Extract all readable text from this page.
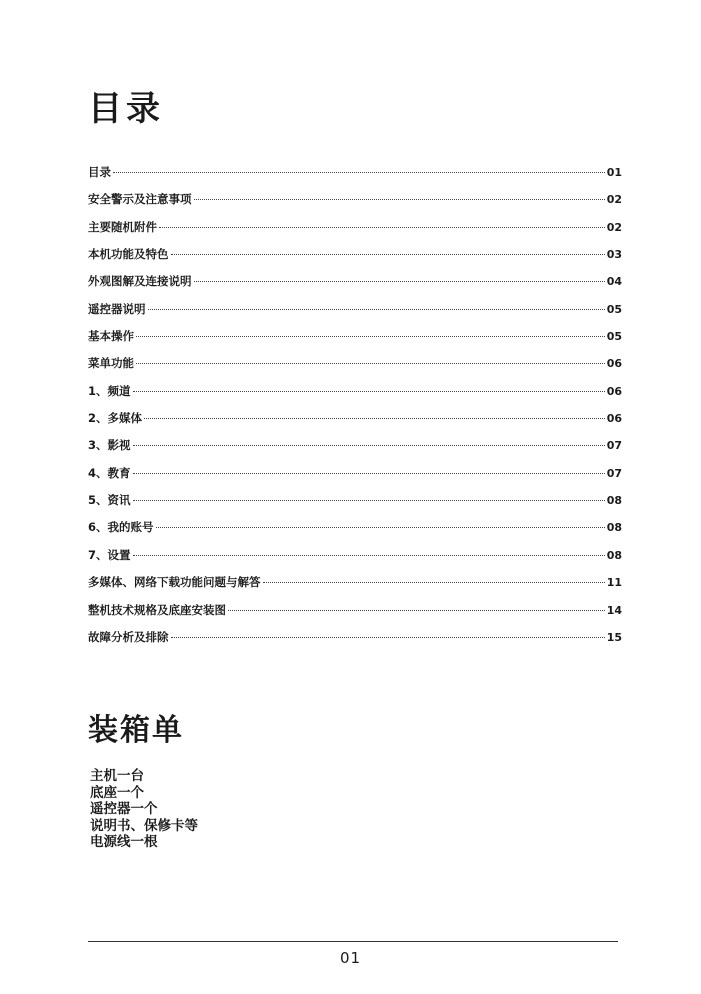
目录
目录	01
安全警示及注意事项	02
主要随机附件	02
本机功能及特色	03
外观图解及连接说明	04
遥控器说明	05
基本操作	05
菜单功能	06
1、频道	06
2、多媒体	06
3、影视	07
4、教育	07
5、资讯	08
6、我的账号	08
7、设置	08
多媒体、网络下载功能问题与解答	11
整机技术规格及底座安装图	14
故障分析及排除	15
装箱单
主机一台
底座一个
遥控器一个
说明书、保修卡等
电源线一根
01
